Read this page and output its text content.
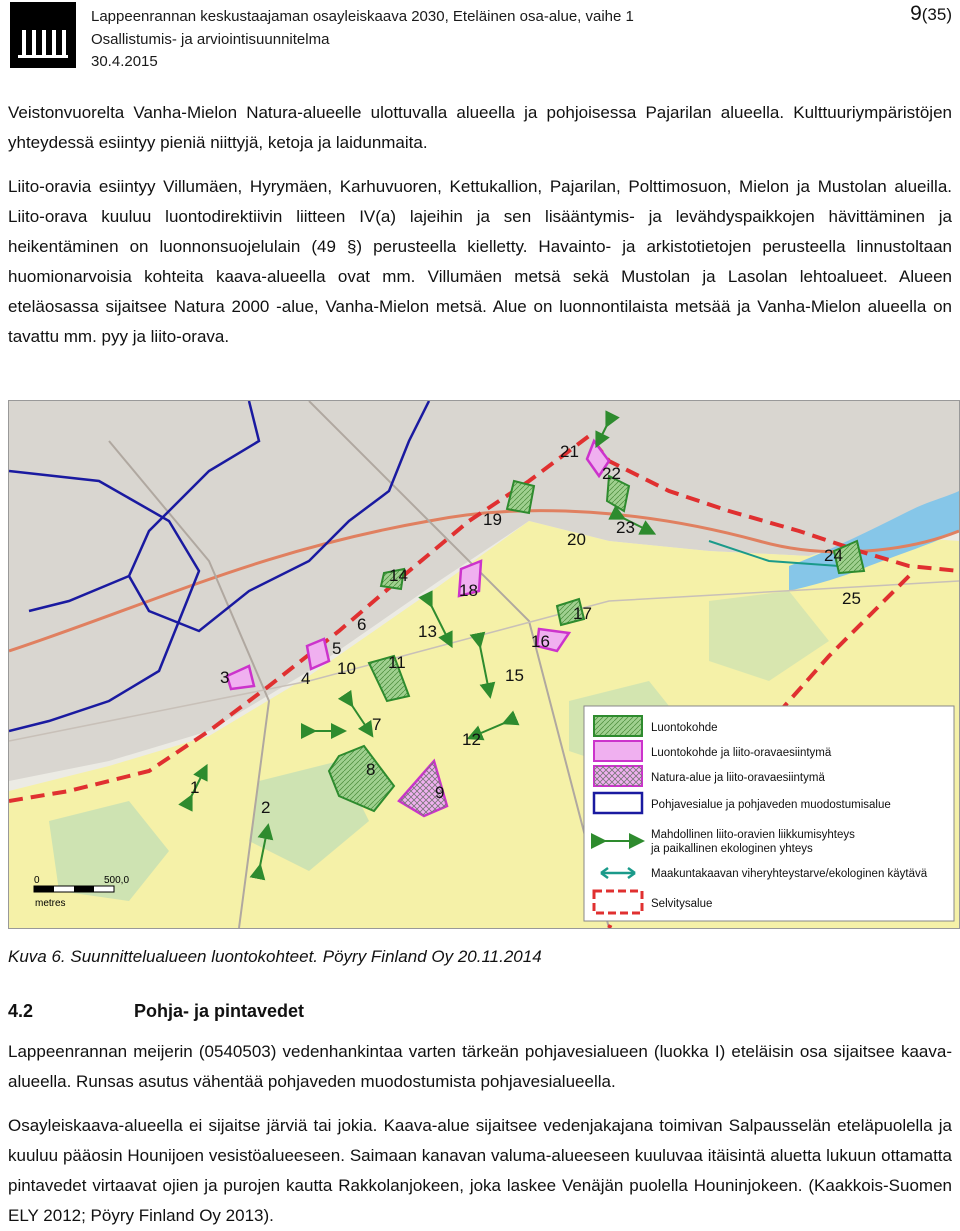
Lappeenrannan keskustaajaman osayleiskaava 2030, Eteläinen osa-alue, vaihe 1
Osallistumis- ja arviointisuunnitelma
30.4.2015
9(35)
Veistonvuorelta Vanha-Mielon Natura-alueelle ulottuvalla alueella ja pohjoisessa Pajarilan alueella. Kulttuuriympäristöjen yhteydessä esiintyy pieniä niittyjä, ketoja ja laidunmaita.
Liito-oravia esiintyy Villumäen, Hyrymäen, Karhuvuoren, Kettukallion, Pajarilan, Polttimosuon, Mielon ja Mustolan alueilla. Liito-orava kuuluu luontodirektiivin liitteen IV(a) lajeihin ja sen lisääntymis- ja levähdyspaikkojen hävittäminen ja heikentäminen on luonnonsuojelulain (49 §) perusteella kielletty. Havainto- ja arkistotietojen perusteella linnustoltaan huomionarvoisia kohteita kaava-alueella ovat mm. Villumäen metsä sekä Mustolan ja Lasolan lehtoalueet. Alueen eteläosassa sijaitsee Natura 2000 -alue, Vanha-Mielon metsä. Alue on luonnontilaista metsää ja Vanha-Mielon alueella on tavattu mm. pyy ja liito-orava.
1
2
3	4
5
6
7
8
9
10 11
12
13
14
15
16
17
18
19
20
21
22
23
24
25
Luontokohde
Luontokohde ja liito-oravaesiintymä
Natura-alue ja liito-oravaesiintymä
Pohjavesialue ja pohjaveden muodostumisalue
Mahdollinen liito-oravien liikkumisyhteys
ja paikallinen ekologinen yhteys
Maakuntakaavan viheryhteystarve/ekologinen käytävä
Selvitysalue
0	500,0
metres
Kuva 6. Suunnittelualueen luontokohteet. Pöyry Finland Oy 20.11.2014
4.2	Pohja- ja pintavedet
Lappeenrannan meijerin (0540503) vedenhankintaa varten tärkeän pohjavesialueen (luokka I) eteläisin osa sijaitsee kaava-alueella. Runsas asutus vähentää pohjaveden muodostumista pohjavesialueella.
Osayleiskaava-alueella ei sijaitse järviä tai jokia. Kaava-alue sijaitsee vedenjakajana toimivan Salpausselän eteläpuolella ja kuuluu pääosin Hounijoen vesistöalueeseen. Saimaan kanavan valuma-alueeseen kuuluvaa itäisintä aluetta lukuun ottamatta pintavedet virtaavat ojien ja purojen kautta Rakkolanjokeen, joka laskee Venäjän puolella Houninjokeen. (Kaakkois-Suomen ELY 2012; Pöyry Finland Oy 2013).
